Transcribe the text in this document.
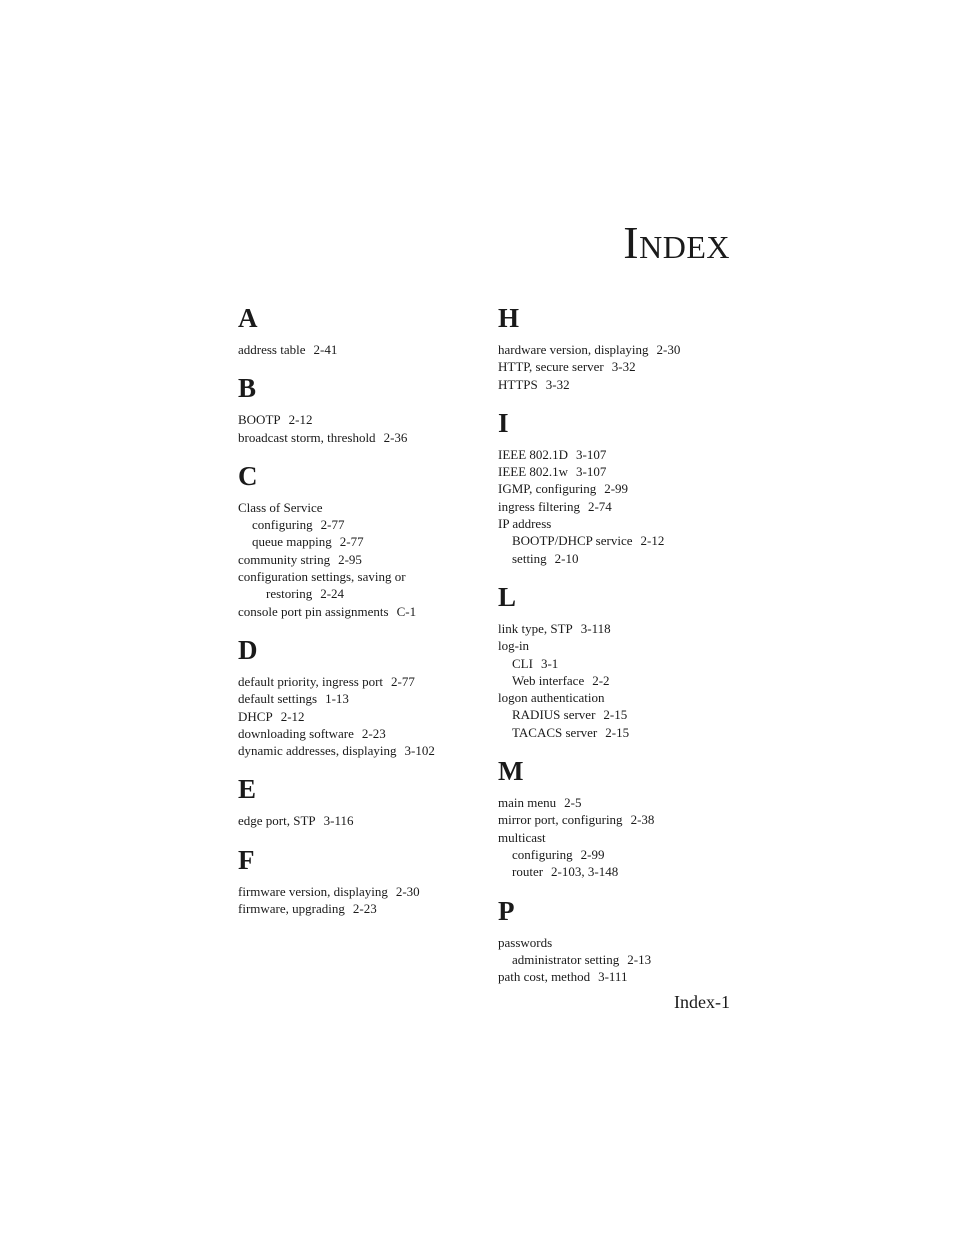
Index
A
address table 2-41
B
BOOTP 2-12
broadcast storm, threshold 2-36
C
Class of Service
configuring 2-77
queue mapping 2-77
community string 2-95
configuration settings, saving or
restoring 2-24
console port pin assignments C-1
D
default priority, ingress port 2-77
default settings 1-13
DHCP 2-12
downloading software 2-23
dynamic addresses, displaying 3-102
E
edge port, STP 3-116
F
firmware version, displaying 2-30
firmware, upgrading 2-23
H
hardware version, displaying 2-30
HTTP, secure server 3-32
HTTPS 3-32
I
IEEE 802.1D 3-107
IEEE 802.1w 3-107
IGMP, configuring 2-99
ingress filtering 2-74
IP address
BOOTP/DHCP service 2-12
setting 2-10
L
link type, STP 3-118
log-in
CLI 3-1
Web interface 2-2
logon authentication
RADIUS server 2-15
TACACS server 2-15
M
main menu 2-5
mirror port, configuring 2-38
multicast
configuring 2-99
router 2-103, 3-148
P
passwords
administrator setting 2-13
path cost, method 3-111
Index-1
